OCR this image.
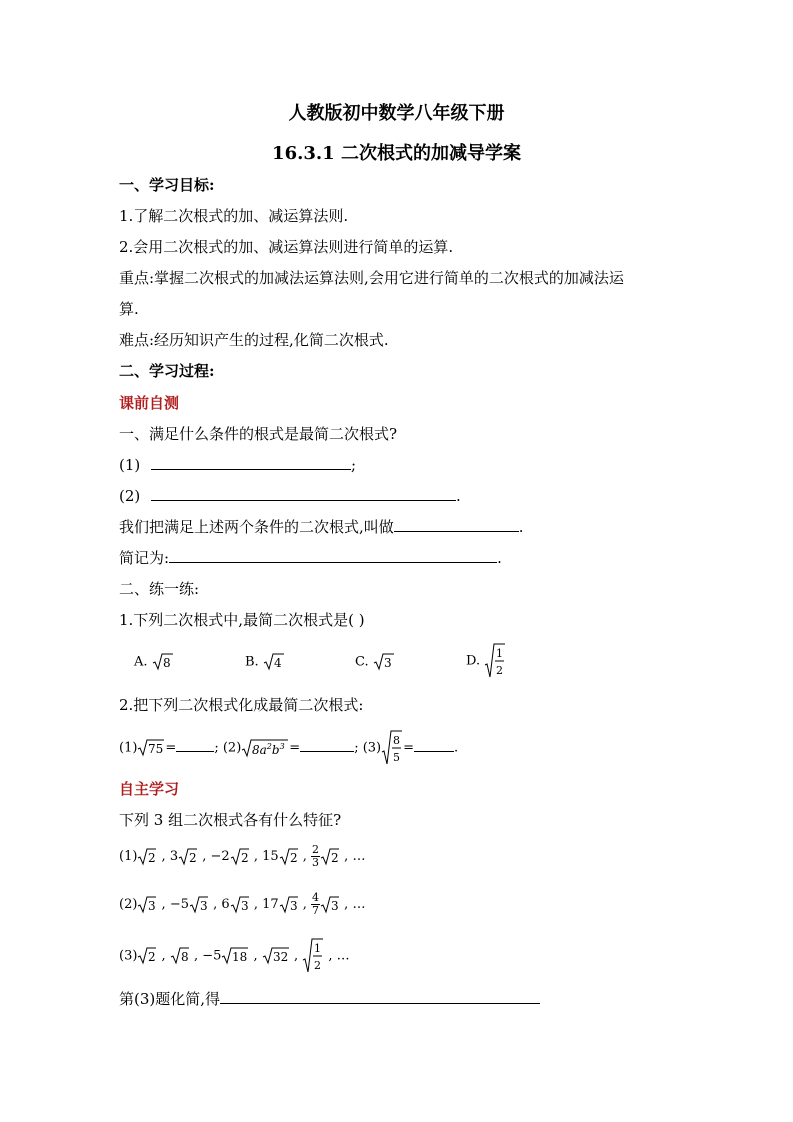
人教版初中数学八年级下册
16.3.1 二次根式的加减导学案
一、学习目标:
1.了解二次根式的加、减运算法则.
2.会用二次根式的加、减运算法则进行简单的运算.
重点:掌握二次根式的加减法运算法则,会用它进行简单的二次根式的加减法运
算.
难点:经历知识产生的过程,化简二次根式.
二、学习过程:
课前自测
一、满足什么条件的根式是最简二次根式?
(1)	;
(2)	.
我们把满足上述两个条件的二次根式,叫做	.
简记为:	.
二、练一练:
1.下列二次根式中,最简二次根式是( )
A. 8	B. 4	C. 3	D. 1
2
2.把下列二次根式化成最简二次根式:
(1) 75 =	; (2) $8a^2b^3$ =	; (3) 8
5
=	.
自主学习
下列 3 组二次根式各有什么特征?
(1) 2 , 3 2 , −2 2 , 15 2 , $\frac{2}{3} 2$ , …
(2) 3 , −5 3 , 6 3 , 17 3 , $\frac{4}{7} 3$ , …
(3) 2 , 8 , −5 18 , 32 , 1
2
, …
第(3)题化简,得
